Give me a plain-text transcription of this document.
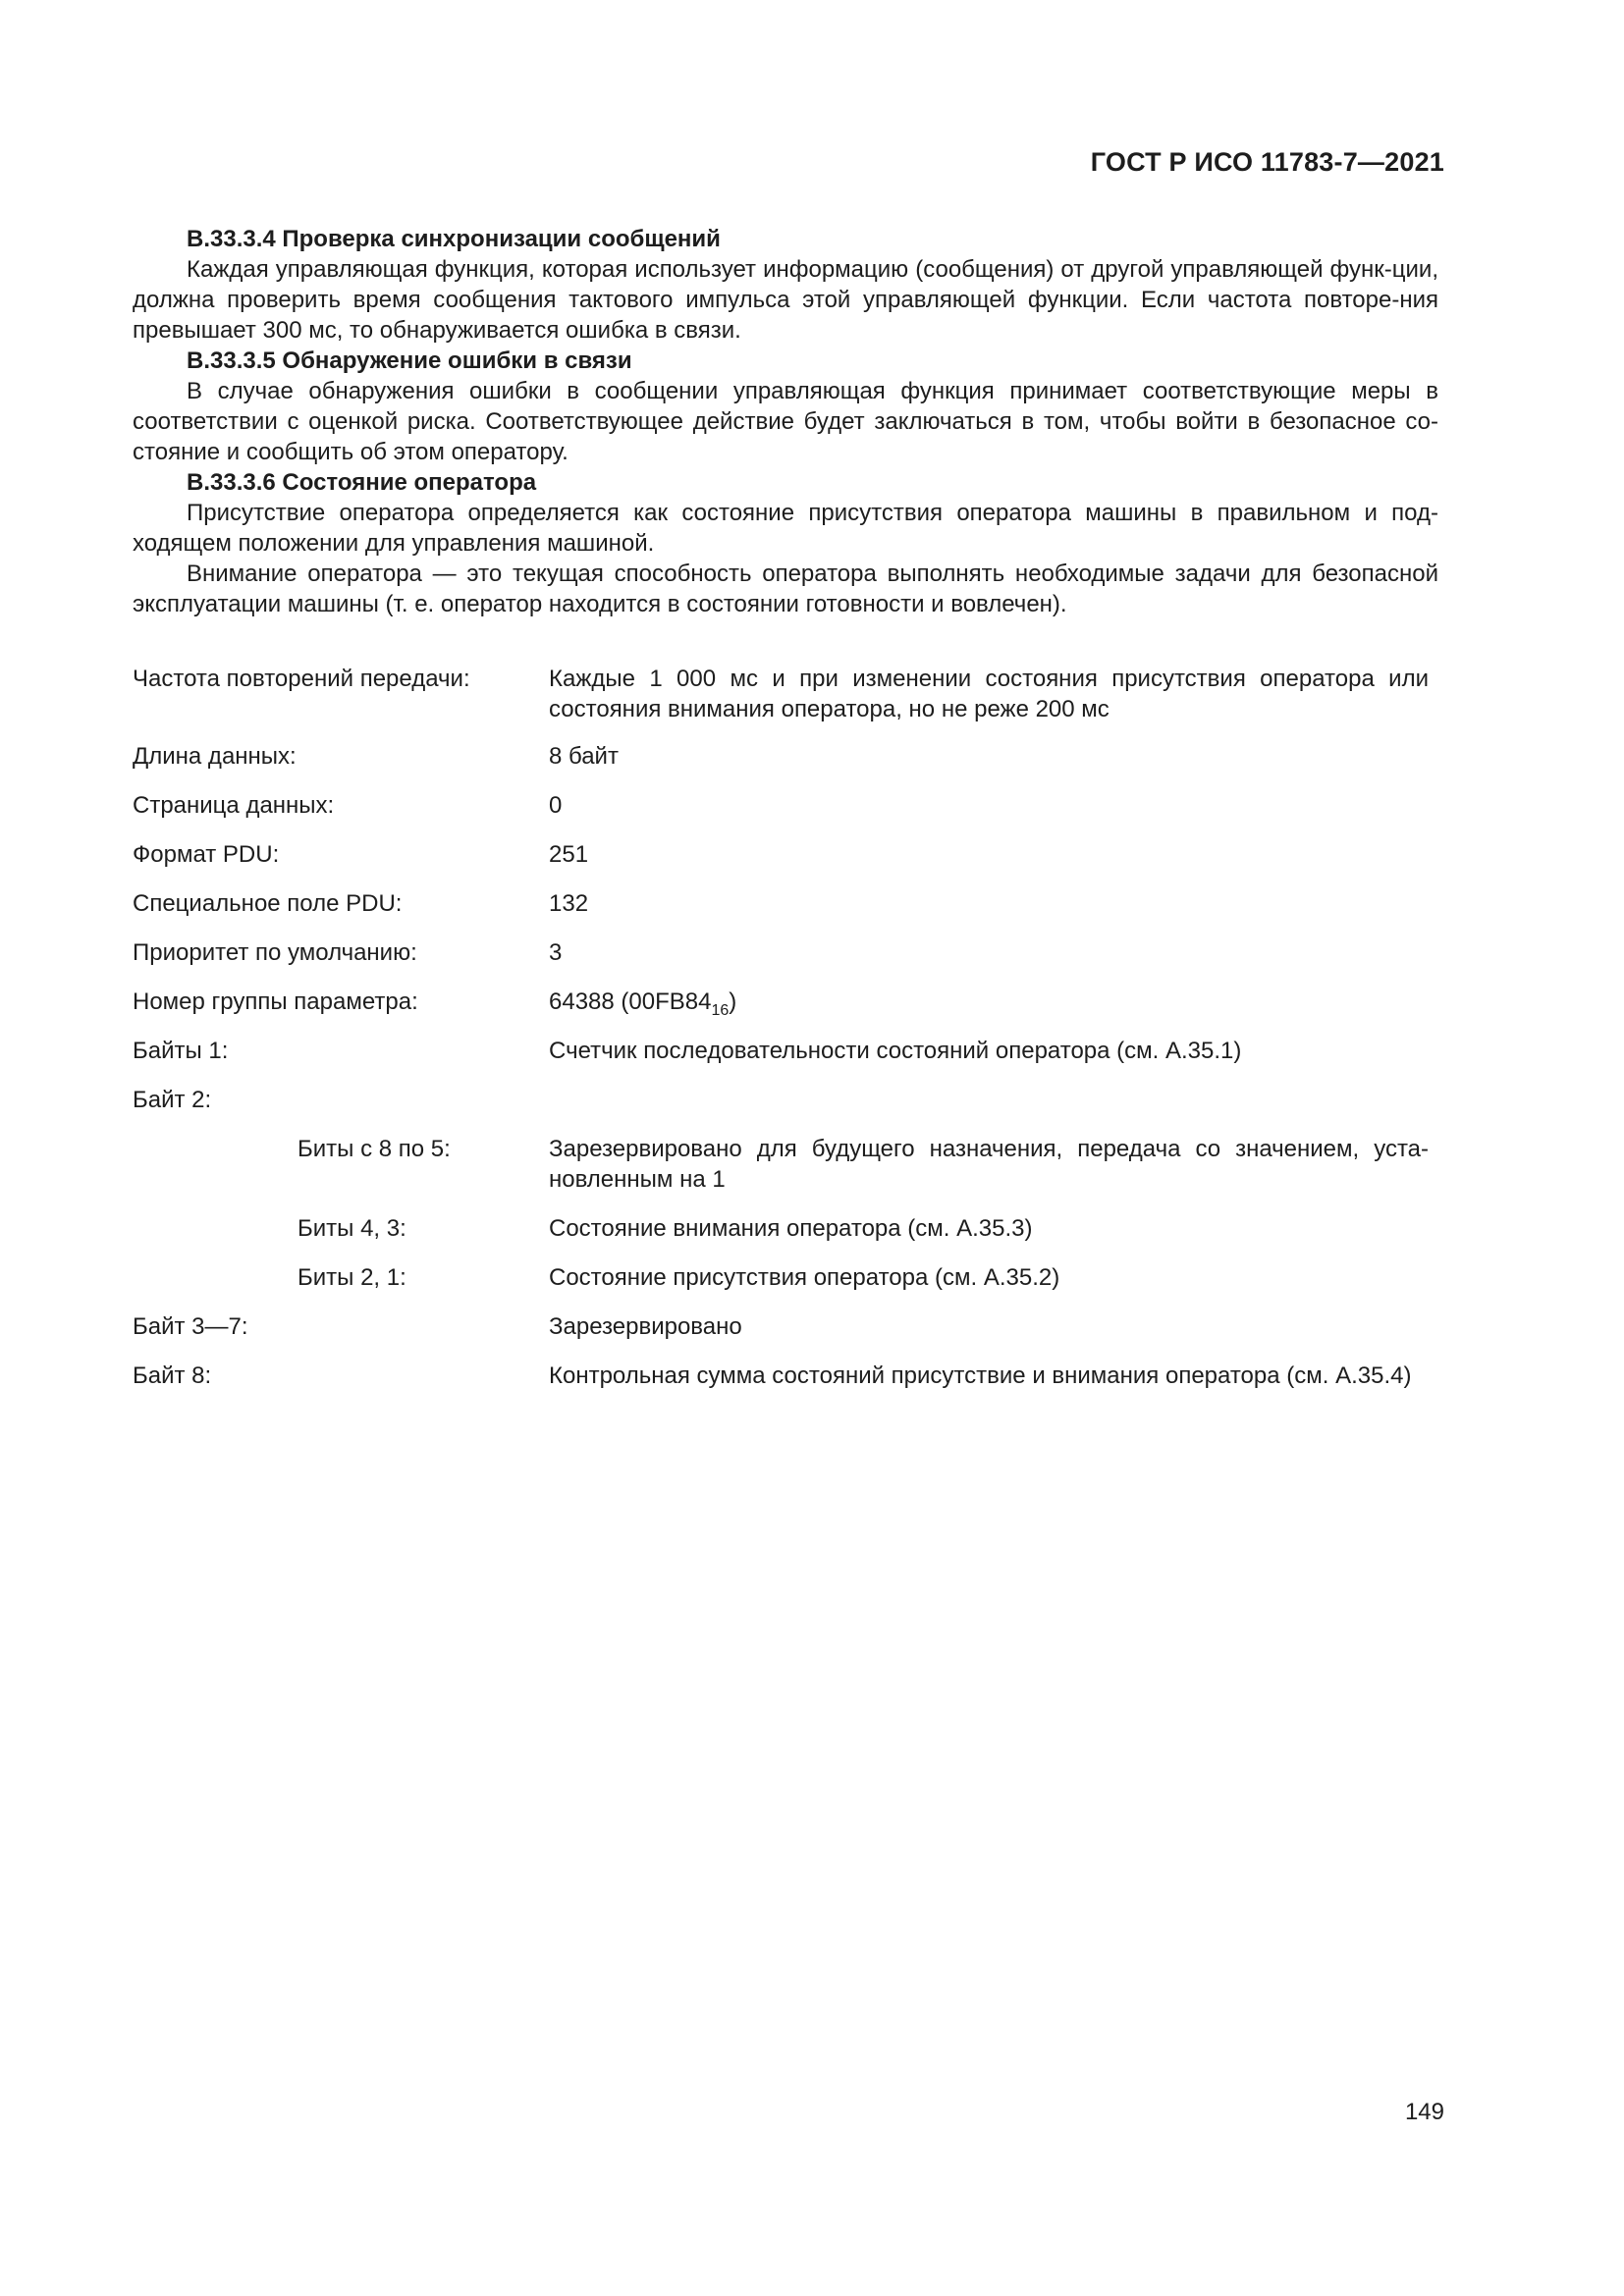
ГОСТ Р ИСО 11783-7—2021

B.33.3.4 Проверка синхронизации сообщений

Каждая управляющая функция, которая использует информацию (сообщения) от другой управляющей функ-ции, должна проверить время сообщения тактового импульса этой управляющей функции. Если частота повторе-ния превышает 300 мс, то обнаруживается ошибка в связи.

B.33.3.5 Обнаружение ошибки в связи

В случае обнаружения ошибки в сообщении управляющая функция принимает соответствующие меры в соответствии с оценкой риска. Соответствующее действие будет заключаться в том, чтобы войти в безопасное со-стояние и сообщить об этом оператору.

B.33.3.6 Состояние оператора

Присутствие оператора определяется как состояние присутствия оператора машины в правильном и под-ходящем положении для управления машиной.

Внимание оператора — это текущая способность оператора выполнять необходимые задачи для безопасной эксплуатации машины (т. е. оператор находится в состоянии готовности и вовлечен).

Частота повторений передачи:	Каждые 1 000 мс и при изменении состояния присутствия оператора или состояния внимания оператора, но не реже 200 мс
Длина данных:	8 байт
Страница данных:	0
Формат PDU:	251
Специальное поле PDU:	132
Приоритет по умолчанию:	3
Номер группы параметра:	64388 $(00FB84_{16})$
Байты 1:	Счетчик последовательности состояний оператора (см. А.35.1)
Байт 2:
Биты с 8 по 5:	Зарезервировано для будущего назначения, передача со значением, уста-новленным на 1
Биты 4, 3:	Состояние внимания оператора (см. А.35.3)
Биты 2, 1:	Состояние присутствия оператора (см. А.35.2)
Байт 3—7:	Зарезервировано
Байт 8:	Контрольная сумма состояний присутствие и внимания оператора (см. А.35.4)
149
